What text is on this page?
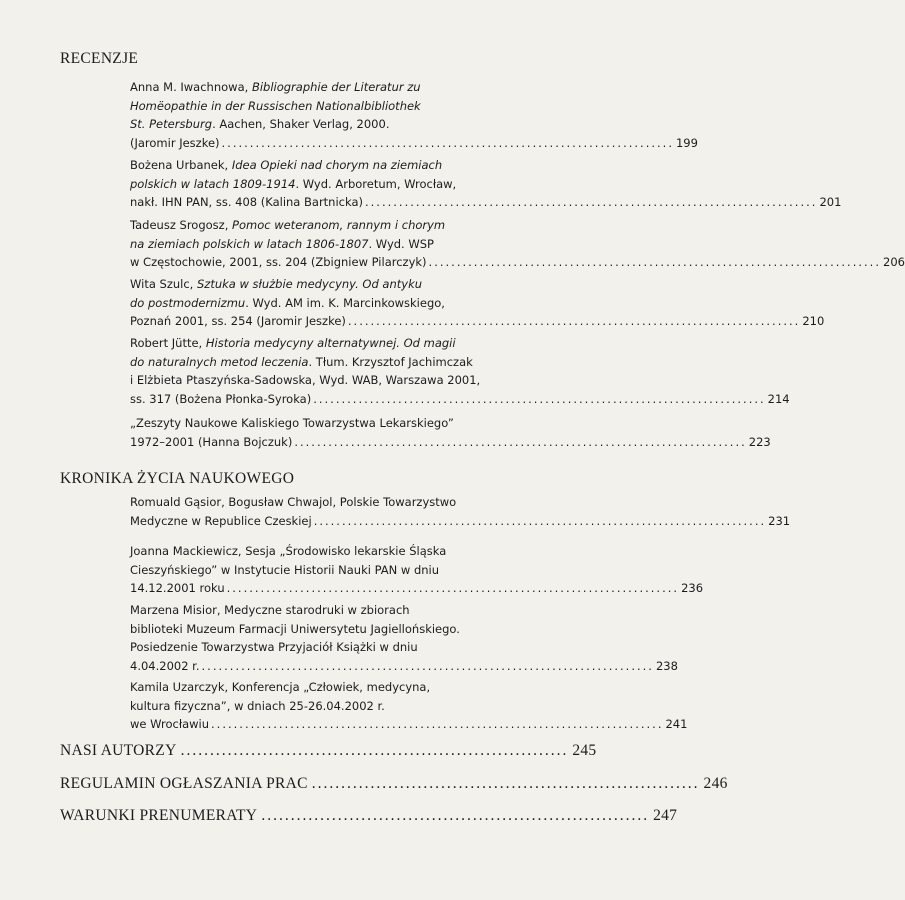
RECENZJE
Anna M. Iwachnowa, Bibliographie der Literatur zu
Homëopathie in der Russischen Nationalbibliothek
St. Petersburg. Aachen, Shaker Verlag, 2000.
(Jaromir Jeszke) ................................................................................ 199
Bożena Urbanek, Idea Opieki nad chorym na ziemiach
polskich w latach 1809-1914. Wyd. Arboretum, Wrocław,
nakł. IHN PAN, ss. 408 (Kalina Bartnicka) ................................................................................ 201
Tadeusz Srogosz, Pomoc weteranom, rannym i chorym
na ziemiach polskich w latach 1806-1807. Wyd. WSP
w Częstochowie, 2001, ss. 204 (Zbigniew Pilarczyk) ................................................................................ 206
Wita Szulc, Sztuka w służbie medycyny. Od antyku
do postmodernizmu. Wyd. AM im. K. Marcinkowskiego,
Poznań 2001, ss. 254 (Jaromir Jeszke) ................................................................................ 210
Robert Jütte, Historia medycyny alternatywnej. Od magii
do naturalnych metod leczenia. Tłum. Krzysztof Jachimczak
i Elżbieta Ptaszyńska-Sadowska, Wyd. WAB, Warszawa 2001,
ss. 317 (Bożena Płonka-Syroka) ................................................................................ 214
„Zeszyty Naukowe Kaliskiego Towarzystwa Lekarskiego”
1972–2001 (Hanna Bojczuk) ................................................................................ 223
KRONIKA ŻYCIA NAUKOWEGO
Romuald Gąsior, Bogusław Chwajol, Polskie Towarzystwo
Medyczne w Republice Czeskiej ................................................................................ 231
Joanna Mackiewicz, Sesja „Środowisko lekarskie Śląska
Cieszyńskiego” w Instytucie Historii Nauki PAN w dniu
14.12.2001 roku ................................................................................ 236
Marzena Misior, Medyczne starodruki w zbiorach
biblioteki Muzeum Farmacji Uniwersytetu Jagiellońskiego.
Posiedzenie Towarzystwa Przyjaciół Książki w dniu
4.04.2002 r. ................................................................................ 238
Kamila Uzarczyk, Konferencja „Człowiek, medycyna,
kultura fizyczna”, w dniach 25-26.04.2002 r.
we Wrocławiu ................................................................................ 241
NASI AUTORZY .................................................................. 245
REGULAMIN OGŁASZANIA PRAC .................................................................. 246
WARUNKI PRENUMERATY .................................................................. 247
